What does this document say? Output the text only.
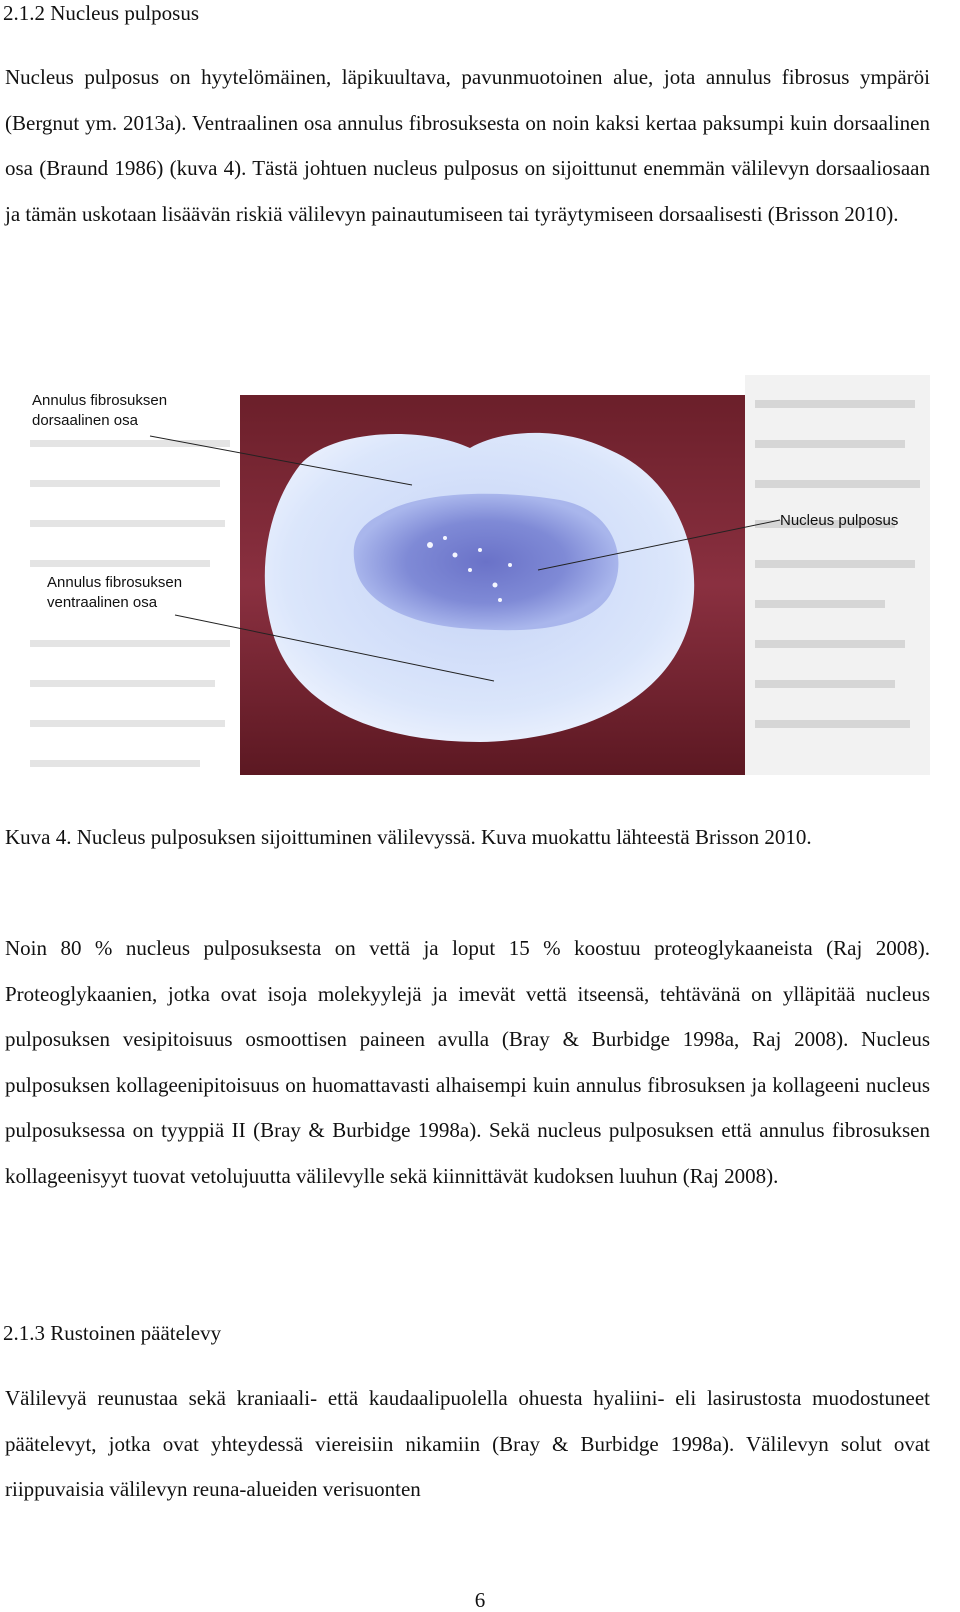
2.1.2 Nucleus pulposus

Nucleus pulposus on hyytelömäinen, läpikuultava, pavunmuotoinen alue, jota annulus fibrosus ympäröi (Bergnut ym. 2013a). Ventraalinen osa annulus fibrosuksesta on noin kaksi kertaa paksumpi kuin dorsaalinen osa (Braund 1986) (kuva 4). Tästä johtuen nucleus pulposus on sijoittunut enemmän välilevyn dorsaaliosaan ja tämän uskotaan lisäävän riskiä välilevyn painautumiseen tai tyräytymiseen dorsaalisesti (Brisson 2010).

Annulus fibrosuksen
dorsaalinen osa
Nucleus pulposus
Annulus fibrosuksen
ventraalinen osa

Kuva 4. Nucleus pulposuksen sijoittuminen välilevyssä. Kuva muokattu lähteestä Brisson 2010.

Noin 80 % nucleus pulposuksesta on vettä ja loput 15 % koostuu proteoglykaaneista (Raj 2008). Proteoglykaanien, jotka ovat isoja molekyylejä ja imevät vettä itseensä, tehtävänä on ylläpitää nucleus pulposuksen vesipitoisuus osmoottisen paineen avulla (Bray & Burbidge 1998a, Raj 2008). Nucleus pulposuksen kollageenipitoisuus on huomattavasti alhaisempi kuin annulus fibrosuksen ja kollageeni nucleus pulposuksessa on tyyppiä II (Bray & Burbidge 1998a). Sekä nucleus pulposuksen että annulus fibrosuksen kollageenisyyt tuovat vetolujuutta välilevylle sekä kiinnittävät kudoksen luuhun (Raj 2008).

2.1.3 Rustoinen päätelevy

Välilevyä reunustaa sekä kraniaali- että kaudaalipuolella ohuesta hyaliini- eli lasirustosta muodostuneet päätelevyt, jotka ovat yhteydessä viereisiin nikamiin (Bray & Burbidge 1998a). Välilevyn solut ovat riippuvaisia välilevyn reuna-alueiden verisuonten

6
